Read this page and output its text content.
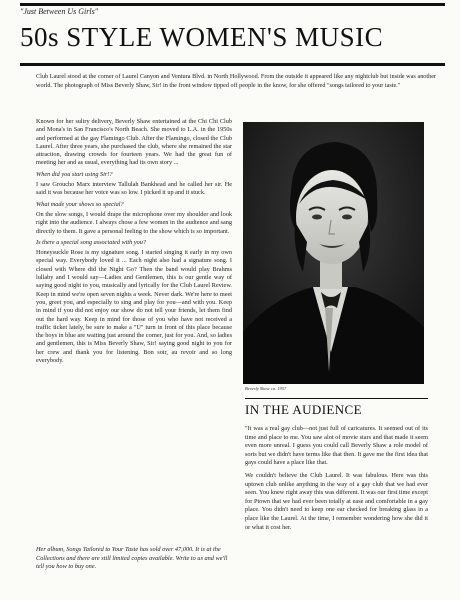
"Just Between Us Girls"
50s STYLE WOMEN'S MUSIC

Club Laurel stood at the corner of Laurel Canyon and Ventura Blvd. in North Hollywood. From the outside it appeared like any nightclub but inside was another world. The photograph of Miss Beverly Shaw, Sir! in the front window tipped off people in the know, for she offered "songs tailored to your taste."

Known for her sultry delivery, Beverly Shaw entertained at the Chi Chi Club and Mona's in San Francisco's North Beach. She moved to L.A. in the 1950s and performed at the gay Flamingo Club. After the Flamingo, closed the Club Laurel. After three years, she purchased the club, where she remained the star attraction, drawing crowds for fourteen years. We had the great fun of meeting her and as usual, everything had its own story ...

When did you start using Sir!?

I saw Groucho Marx interview Tallulah Bankhead and he called her sir. He said it was because her voice was so low. I picked it up and it stuck.

What made your shows so special?

On the slow songs, I would drape the microphone over my shoulder and look right into the audience. I always chose a few women in the audience and sang directly to them. It gave a personal feeling to the show which is so important.

Is there a special song associated with you?

Honeysuckle Rose is my signature song. I started singing it early in my own special way. Everybody loved it ... Each night also had a signature song. I closed with Where did the Night Go? Then the band would play Brahms lullaby and I would say—Ladies and Gentlemen, this is our gentle way of saying good night to you, musically and lyrically for the Club Laurel Review. Keep in mind we're open seven nights a week. Never dark. We're here to meet you, greet you, and especially to sing and play for you—and with you. Keep in mind if you did not enjoy our show do not tell your friends, let them find out the hard way. Keep in mind for those of you who have not received a traffic ticket lately, be sure to make a "U" turn in front of this place because the boys in blue are waiting just around the corner, just for you. And, so ladies and gentlemen, this is Miss Beverly Shaw, Sir! saying good night to you for her crew and thank you for listening. Bon soir, au revoir and so long everybody.

Her album, Songs Tailored to Your Taste has sold over 47,000. It is at the Collections and there are still limited copies available. Write to us and we'll tell you how to buy one.

Beverly Shaw ca. 1957
IN THE AUDIENCE

"It was a real gay club—not just full of caricatures. It seemed out of its time and place to me. You saw alot of movie stars and that made it seem even more unreal. I guess you could call Beverly Shaw a role model of sorts but we didn't have terms like that then. It gave me the first idea that gays could have a place like that.

We couldn't believe the Club Laurel. It was fabulous. Here was this uptown club unlike anything in the way of a gay club that we had ever seen. You knew right away this was different. It was our first time except for Ptown that we had ever been totally at ease and comfortable in a gay place. You didn't need to keep one ear checked for breaking glass in a place like the Laurel. At the time, I remember wondering how she did it or what it cost her.
